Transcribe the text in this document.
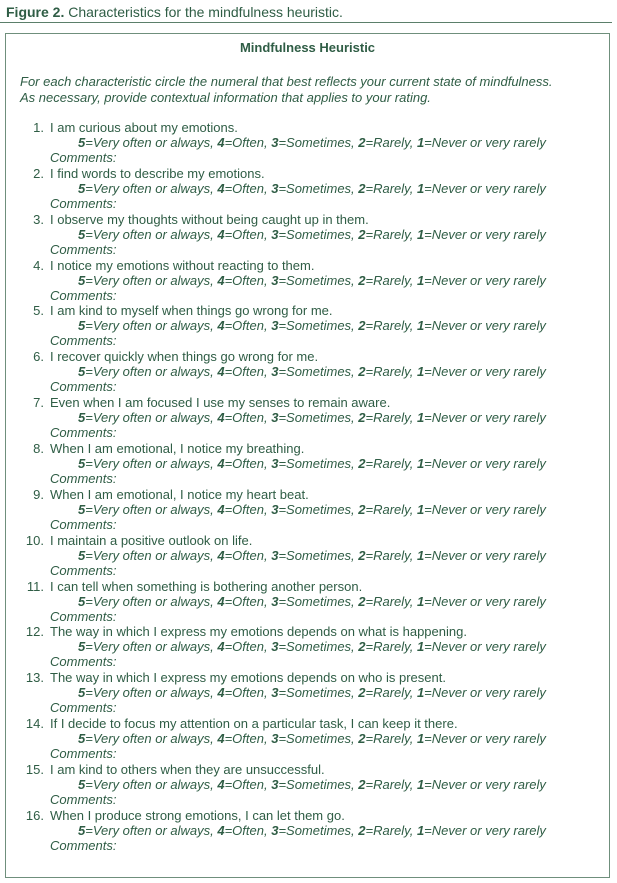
Figure 2. Characteristics for the mindfulness heuristic.
Mindfulness Heuristic
For each characteristic circle the numeral that best reflects your current state of mindfulness.
As necessary, provide contextual information that applies to your rating.
1. I am curious about my emotions.
5=Very often or always, 4=Often, 3=Sometimes, 2=Rarely, 1=Never or very rarely
Comments:
2. I find words to describe my emotions.
5=Very often or always, 4=Often, 3=Sometimes, 2=Rarely, 1=Never or very rarely
Comments:
3. I observe my thoughts without being caught up in them.
5=Very often or always, 4=Often, 3=Sometimes, 2=Rarely, 1=Never or very rarely
Comments:
4. I notice my emotions without reacting to them.
5=Very often or always, 4=Often, 3=Sometimes, 2=Rarely, 1=Never or very rarely
Comments:
5. I am kind to myself when things go wrong for me.
5=Very often or always, 4=Often, 3=Sometimes, 2=Rarely, 1=Never or very rarely
Comments:
6. I recover quickly when things go wrong for me.
5=Very often or always, 4=Often, 3=Sometimes, 2=Rarely, 1=Never or very rarely
Comments:
7. Even when I am focused I use my senses to remain aware.
5=Very often or always, 4=Often, 3=Sometimes, 2=Rarely, 1=Never or very rarely
Comments:
8. When I am emotional, I notice my breathing.
5=Very often or always, 4=Often, 3=Sometimes, 2=Rarely, 1=Never or very rarely
Comments:
9. When I am emotional, I notice my heart beat.
5=Very often or always, 4=Often, 3=Sometimes, 2=Rarely, 1=Never or very rarely
Comments:
10. I maintain a positive outlook on life.
5=Very often or always, 4=Often, 3=Sometimes, 2=Rarely, 1=Never or very rarely
Comments:
11. I can tell when something is bothering another person.
5=Very often or always, 4=Often, 3=Sometimes, 2=Rarely, 1=Never or very rarely
Comments:
12. The way in which I express my emotions depends on what is happening.
5=Very often or always, 4=Often, 3=Sometimes, 2=Rarely, 1=Never or very rarely
Comments:
13. The way in which I express my emotions depends on who is present.
5=Very often or always, 4=Often, 3=Sometimes, 2=Rarely, 1=Never or very rarely
Comments:
14. If I decide to focus my attention on a particular task, I can keep it there.
5=Very often or always, 4=Often, 3=Sometimes, 2=Rarely, 1=Never or very rarely
Comments:
15. I am kind to others when they are unsuccessful.
5=Very often or always, 4=Often, 3=Sometimes, 2=Rarely, 1=Never or very rarely
Comments:
16. When I produce strong emotions, I can let them go.
5=Very often or always, 4=Often, 3=Sometimes, 2=Rarely, 1=Never or very rarely
Comments:
